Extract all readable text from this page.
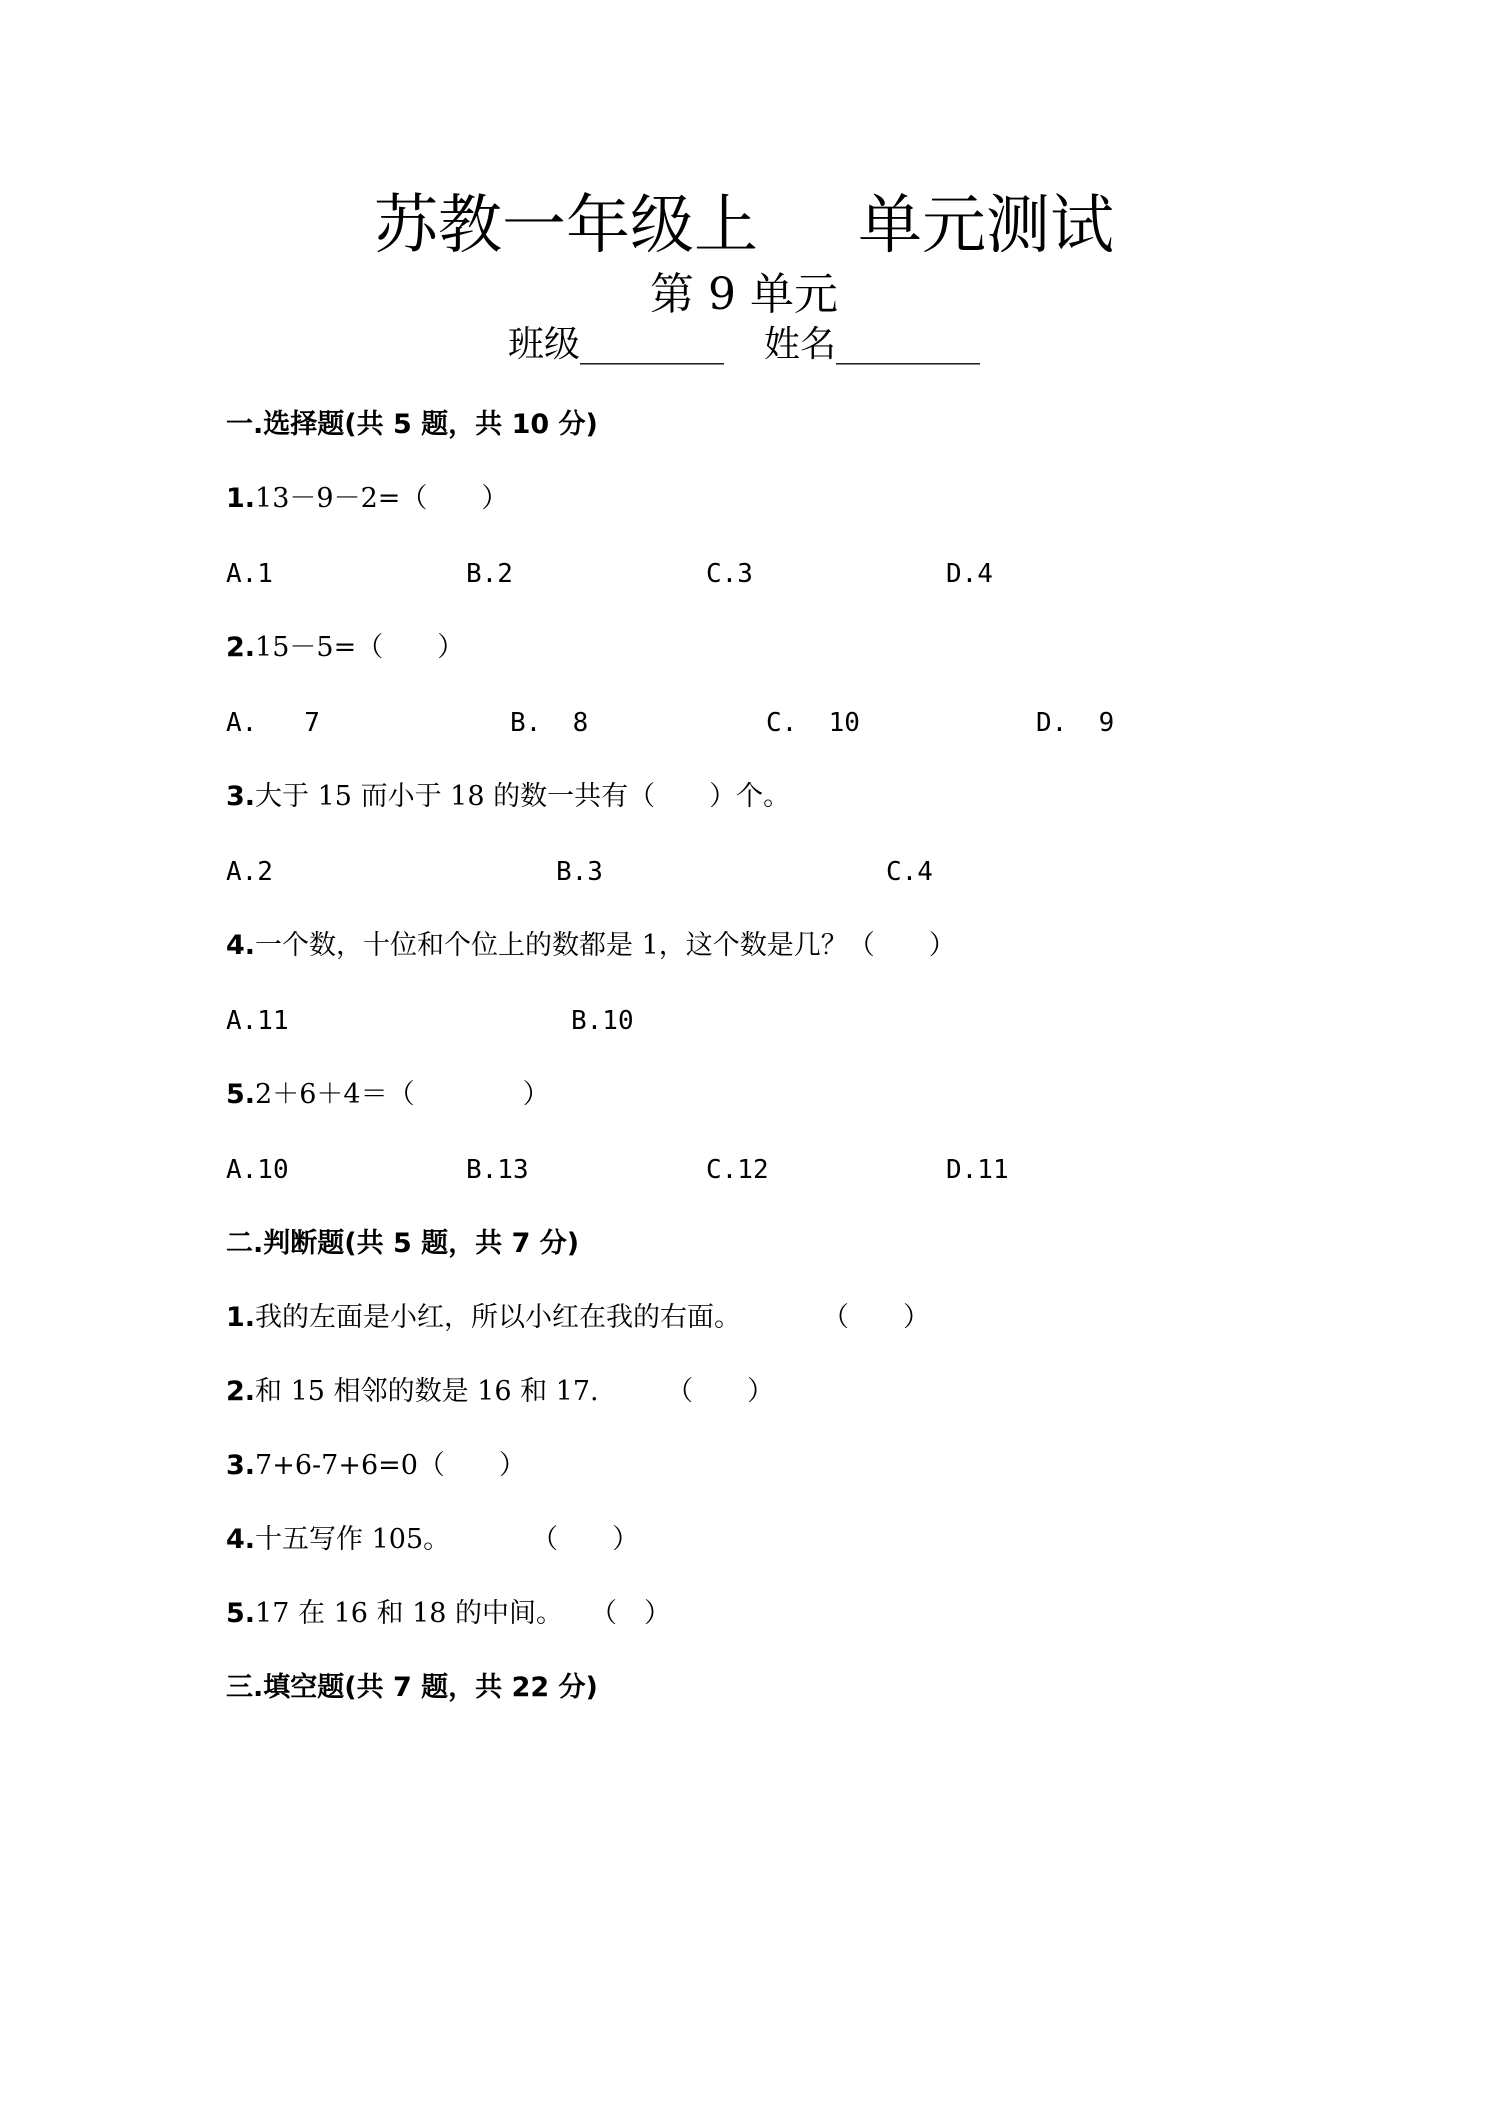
苏教一年级上 单元测试
第 9 单元
班级________ 姓名________
一.选择题(共 5 题，共 10 分)
1.13－9－2=（　　）
A.1	B.2	C.3	D.4
2.15－5=（　　）
A.   7	B.  8	C.  10	D.  9
3.大于 15 而小于 18 的数一共有（　　）个。
A.2	B.3	C.4
4.一个数，十位和个位上的数都是 1，这个数是几？（　　）
A.11	B.10
5.2＋6＋4＝（　　　　）
A.10	B.13	C.12	D.11
二.判断题(共 5 题，共 7 分)
1.我的左面是小红，所以小红在我的右面。　　　　（　　）
2.和 15 相邻的数是 16 和 17.　　　（　　）
3.7+6-7+6=0（　　）
4.十五写作 105。　　　　（　　）
5.17 在 16 和 18 的中间。　　（　）
三.填空题(共 7 题，共 22 分)
